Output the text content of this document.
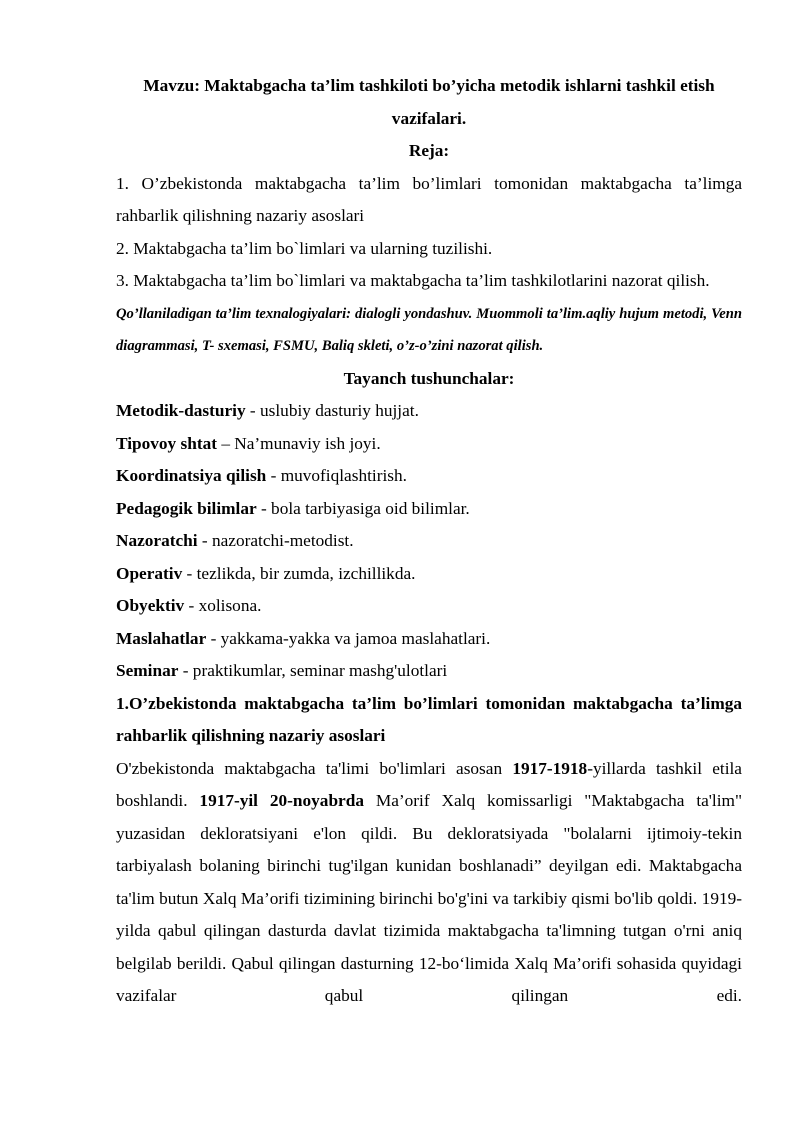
Mavzu: Maktabgacha ta’lim tashkiloti bo’yicha metodik ishlarni tashkil etish vazifalari.

Reja:

1. O’zbekistonda maktabgacha ta’lim bo’limlari tomonidan maktabgacha ta’limga rahbarlik qilishning nazariy asoslari

2. Maktabgacha ta’lim bo`limlari va ularning tuzilishi.

3. Maktabgacha ta’lim bo`limlari va maktabgacha ta’lim tashkilotlarini nazorat qilish.

Qo’llaniladigan ta’lim texnalogiyalari: dialogli yondashuv. Muommoli ta’lim.aqliy hujum metodi, Venn diagrammasi, T- sxemasi, FSMU, Baliq skleti, o’z-o’zini nazorat qilish.

Tayanch tushunchalar:

Metodik-dasturiy - uslubiy dasturiy hujjat.

Tipovoy shtat – Na’munaviy ish joyi.

Koordinatsiya qilish - muvofiqlashtirish.

Pedagogik bilimlar - bola tarbiyasiga oid bilimlar.

Nazoratchi - nazoratchi-metodist.

Operativ - tezlikda, bir zumda, izchillikda.

Obyektiv - xolisona.

Maslahatlar - yakkama-yakka va jamoa maslahatlari.

Seminar - praktikumlar, seminar mashg'ulotlari

1.O’zbekistonda maktabgacha ta’lim bo’limlari tomonidan maktabgacha ta’limga rahbarlik qilishning nazariy asoslari

O'zbekistonda maktabgacha ta'limi bo'limlari asosan 1917-1918-yillarda tashkil etila boshlandi. 1917-yil 20-noyabrda Ma’orif Xalq komissarligi "Maktabgacha ta'lim" yuzasidan dekloratsiyani e'lon qildi. Bu dekloratsiyada "bolalarni ijtimoiy-tekin tarbiyalash bolaning birinchi tug'ilgan kunidan boshlanadi” deyilgan edi. Maktabgacha ta'lim butun Xalq Ma’orifi tizimining birinchi bo'g'ini va tarkibiy qismi bo'lib qoldi. 1919-yilda qabul qilingan dasturda davlat tizimida maktabgacha ta'limning tutgan o'rni aniq belgilab berildi. Qabul qilingan dasturning 12-bo‘limida Xalq Ma’orifi sohasida quyidagi vazifalar qabul qilingan edi.
